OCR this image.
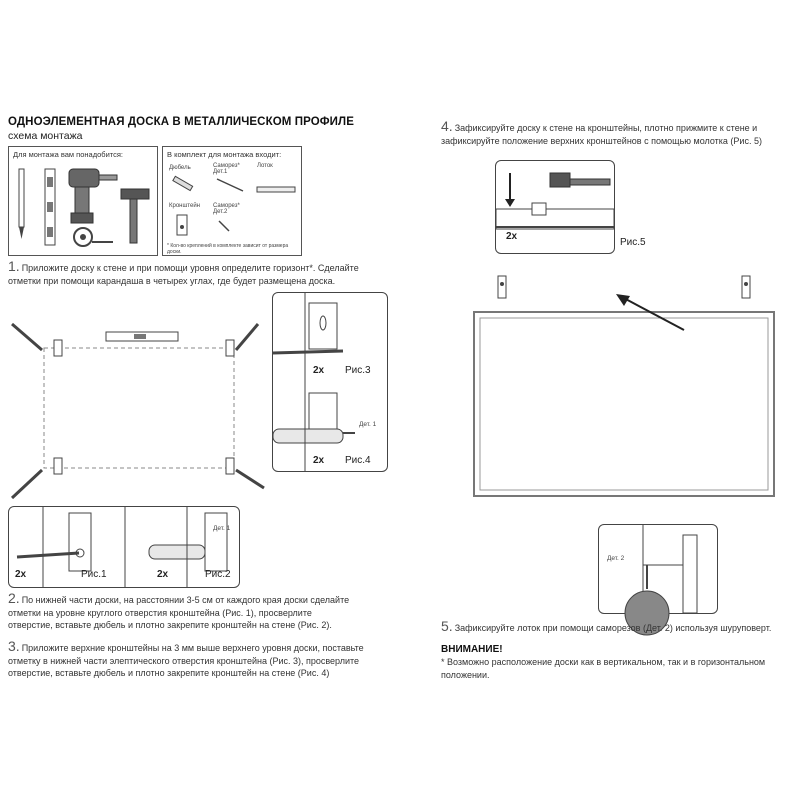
ОДНОЭЛЕМЕНТНАЯ ДОСКА В МЕТАЛЛИЧЕСКОМ ПРОФИЛЕ
схема монтажа
Для монтажа вам понадобится:	В комплект для монтажа входит:
Дюбель	Саморез* Дет.1
Лоток
Кронштейн Саморез* Дет.2
* Кол-во креплений в комплекте зависит от размера доски.
1. Приложите доску к стене и при помощи уровня определите горизонт*. Сделайте
отметки при помощи карандаша в четырех углах, где будет размещена доска.
2x Рис.3
Дет. 1
2x Рис.4
2x	Рис.1
Дет. 1
2x	Рис.2
2. По нижней части доски, на расстоянии 3-5 см от каждого края доски сделайте
отметки на уровне круглого отверстия кронштейна (Рис. 1), просверлите
отверстие, вставьте дюбель и плотно закрепите кронштейн на стене (Рис. 2).
3. Приложите верхние кронштейны на 3 мм выше верхнего уровня доски, поставьте
отметку в нижней части элептического отверстия кронштейна (Рис. 3), просверлите
отверстие, вставьте дюбель и плотно закрепите кронштейн на стене (Рис. 4)
4. Зафиксируйте доску к стене на кронштейны, плотно прижмите к стене и
зафиксируйте положение верхних кронштейнов с помощью молотка (Рис. 5)
2x
Рис.5
Дет. 2
5. Зафиксируйте лоток при помощи саморезов (Дет. 2) используя шуруповерт.
ВНИМАНИЕ!
* Возможно расположение доски как в вертикальном, так и в горизонтальном
положении.
